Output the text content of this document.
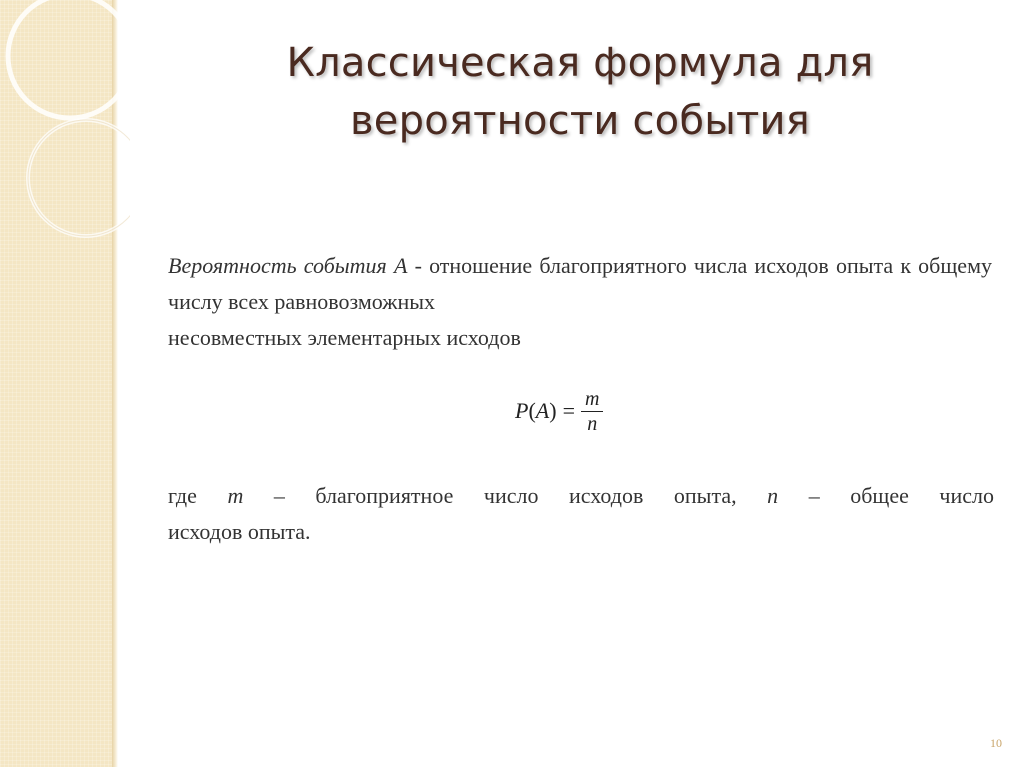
Классическая формула для
вероятности события

Вероятность события А - отношение благоприятного числа исходов опыта к общему числу всех равновозможных

несовместных элементарных исходов

$P(A) = \frac{m}{n}$

где m – благоприятное число исходов опыта, n – общее число

исходов опыта.

10
